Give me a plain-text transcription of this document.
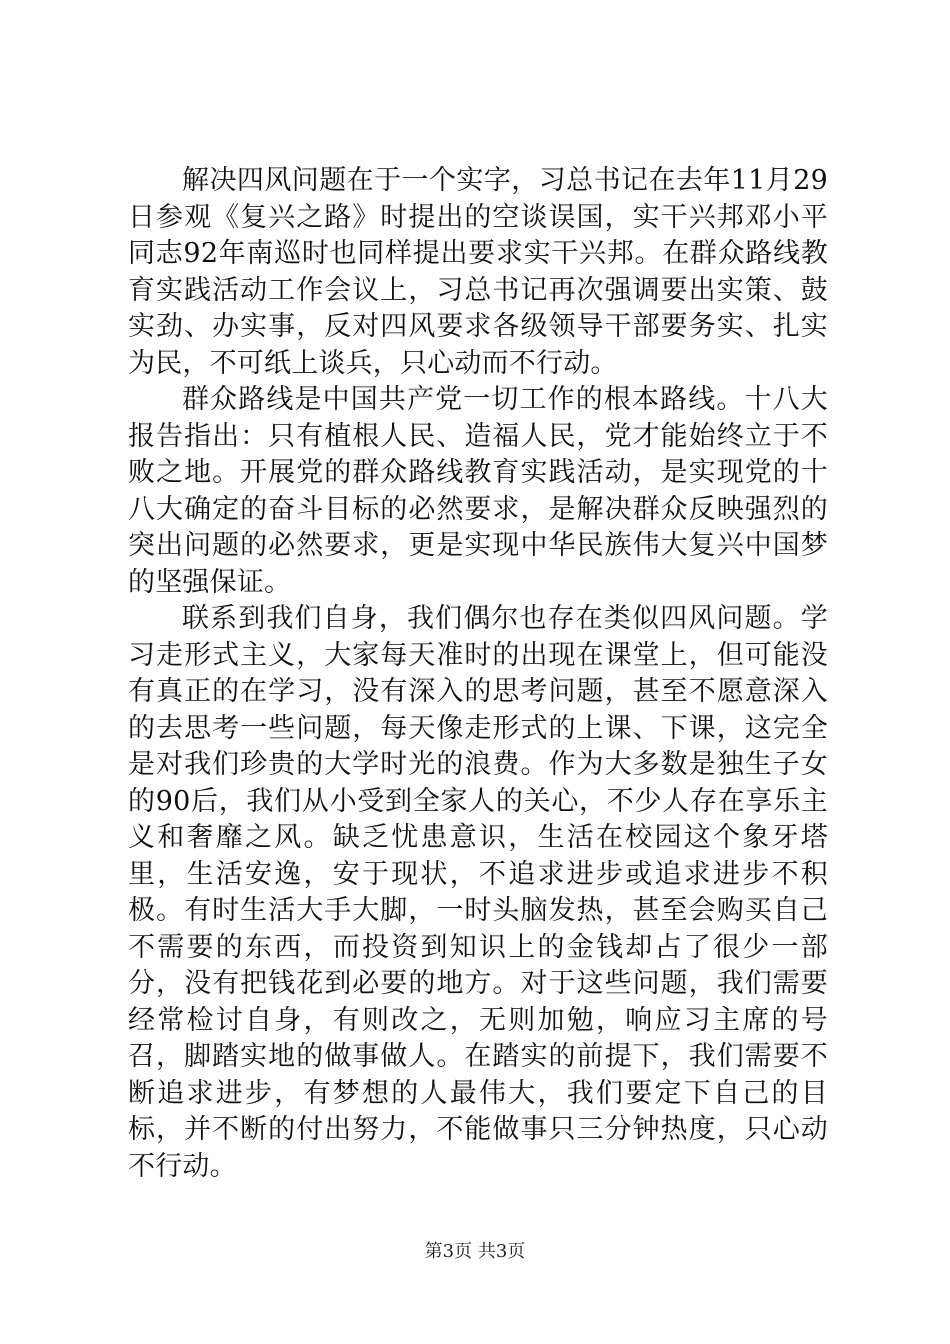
解决四风问题在于一个实字，习总书记在去年11月29日参观《复兴之路》时提出的空谈误国，实干兴邦邓小平同志92年南巡时也同样提出要求实干兴邦。在群众路线教育实践活动工作会议上，习总书记再次强调要出实策、鼓实劲、办实事，反对四风要求各级领导干部要务实、扎实为民，不可纸上谈兵，只心动而不行动。

群众路线是中国共产党一切工作的根本路线。十八大报告指出：只有植根人民、造福人民，党才能始终立于不败之地。开展党的群众路线教育实践活动，是实现党的十八大确定的奋斗目标的必然要求，是解决群众反映强烈的突出问题的必然要求，更是实现中华民族伟大复兴中国梦的坚强保证。

联系到我们自身，我们偶尔也存在类似四风问题。学习走形式主义，大家每天准时的出现在课堂上，但可能没有真正的在学习，没有深入的思考问题，甚至不愿意深入的去思考一些问题，每天像走形式的上课、下课，这完全是对我们珍贵的大学时光的浪费。作为大多数是独生子女的90后，我们从小受到全家人的关心，不少人存在享乐主义和奢靡之风。缺乏忧患意识，生活在校园这个象牙塔里，生活安逸，安于现状，不追求进步或追求进步不积极。有时生活大手大脚，一时头脑发热，甚至会购买自己不需要的东西，而投资到知识上的金钱却占了很少一部分，没有把钱花到必要的地方。对于这些问题，我们需要经常检讨自身，有则改之，无则加勉，响应习主席的号召，脚踏实地的做事做人。在踏实的前提下，我们需要不断追求进步，有梦想的人最伟大，我们要定下自己的目标，并不断的付出努力，不能做事只三分钟热度，只心动不行动。

第3页 共3页
